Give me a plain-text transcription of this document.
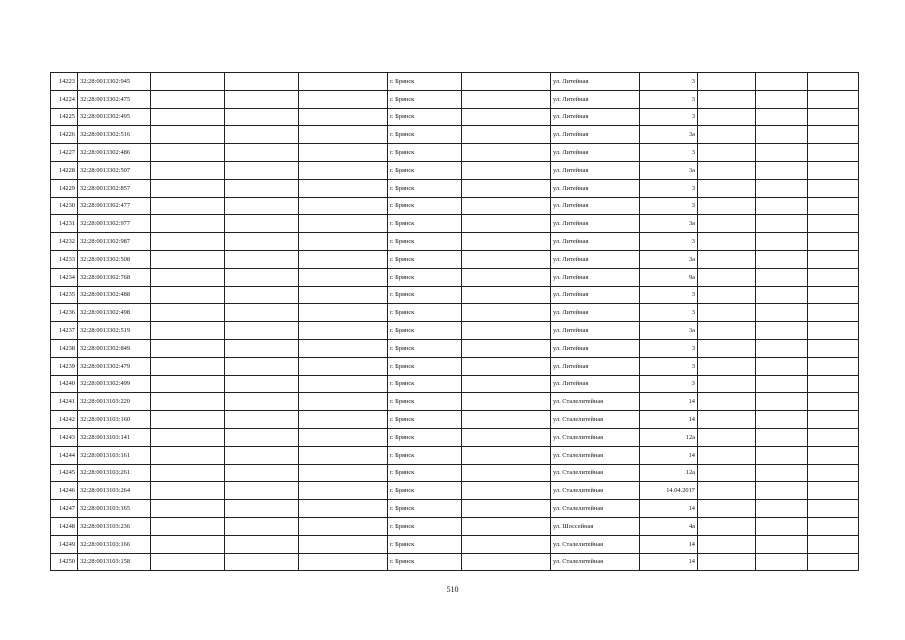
14223	32:28:0013302:945				г. Брянск		ул. Литейная	3			
14224	32:28:0013302:475				г. Брянск		ул. Литейная	3			
14225	32:28:0013302:495				г. Брянск		ул. Литейная	3			
14226	32:28:0013302:516				г. Брянск		ул. Литейная	3а			
14227	32:28:0013302:486				г. Брянск		ул. Литейная	3			
14228	32:28:0013302:507				г. Брянск		ул. Литейная	3а			
14229	32:28:0013302:857				г. Брянск		ул. Литейная	3			
14230	32:28:0013302:477				г. Брянск		ул. Литейная	3			
14231	32:28:0013302:977				г. Брянск		ул. Литейная	3а			
14232	32:28:0013302:987				г. Брянск		ул. Литейная	3			
14233	32:28:0013302:508				г. Брянск		ул. Литейная	3а			
14234	32:28:0013302:768				г. Брянск		ул. Литейная	9а			
14235	32:28:0013302:488				г. Брянск		ул. Литейная	3			
14236	32:28:0013302:498				г. Брянск		ул. Литейная	3			
14237	32:28:0013302:519				г. Брянск		ул. Литейная	3а			
14238	32:28:0013302:849				г. Брянск		ул. Литейная	3			
14239	32:28:0013302:479				г. Брянск		ул. Литейная	3			
14240	32:28:0013302:499				г. Брянск		ул. Литейная	3			
14241	32:28:0013103:220				г. Брянск		ул. Сталелитейная	14			
14242	32:28:0013103:160				г. Брянск		ул. Сталелитейная	14			
14243	32:28:0013103:141				г. Брянск		ул. Сталелитейная	12а			
14244	32:28:0013103:161				г. Брянск		ул. Сталелитейная	14			
14245	32:28:0013103:261				г. Брянск		ул. Сталелитейная	12а			
14246	32:28:0013103:264				г. Брянск		ул. Сталелитейная	14.04.2017			
14247	32:28:0013103:165				г. Брянск		ул. Сталелитейная	14			
14248	32:28:0013103:236				г. Брянск		ул. Шоссейная	4а			
14249	32:28:0013103:166				г. Брянск		ул. Сталелитейная	14			
14250	32:28:0013103:158				г. Брянск		ул. Сталелитейная	14			
510
